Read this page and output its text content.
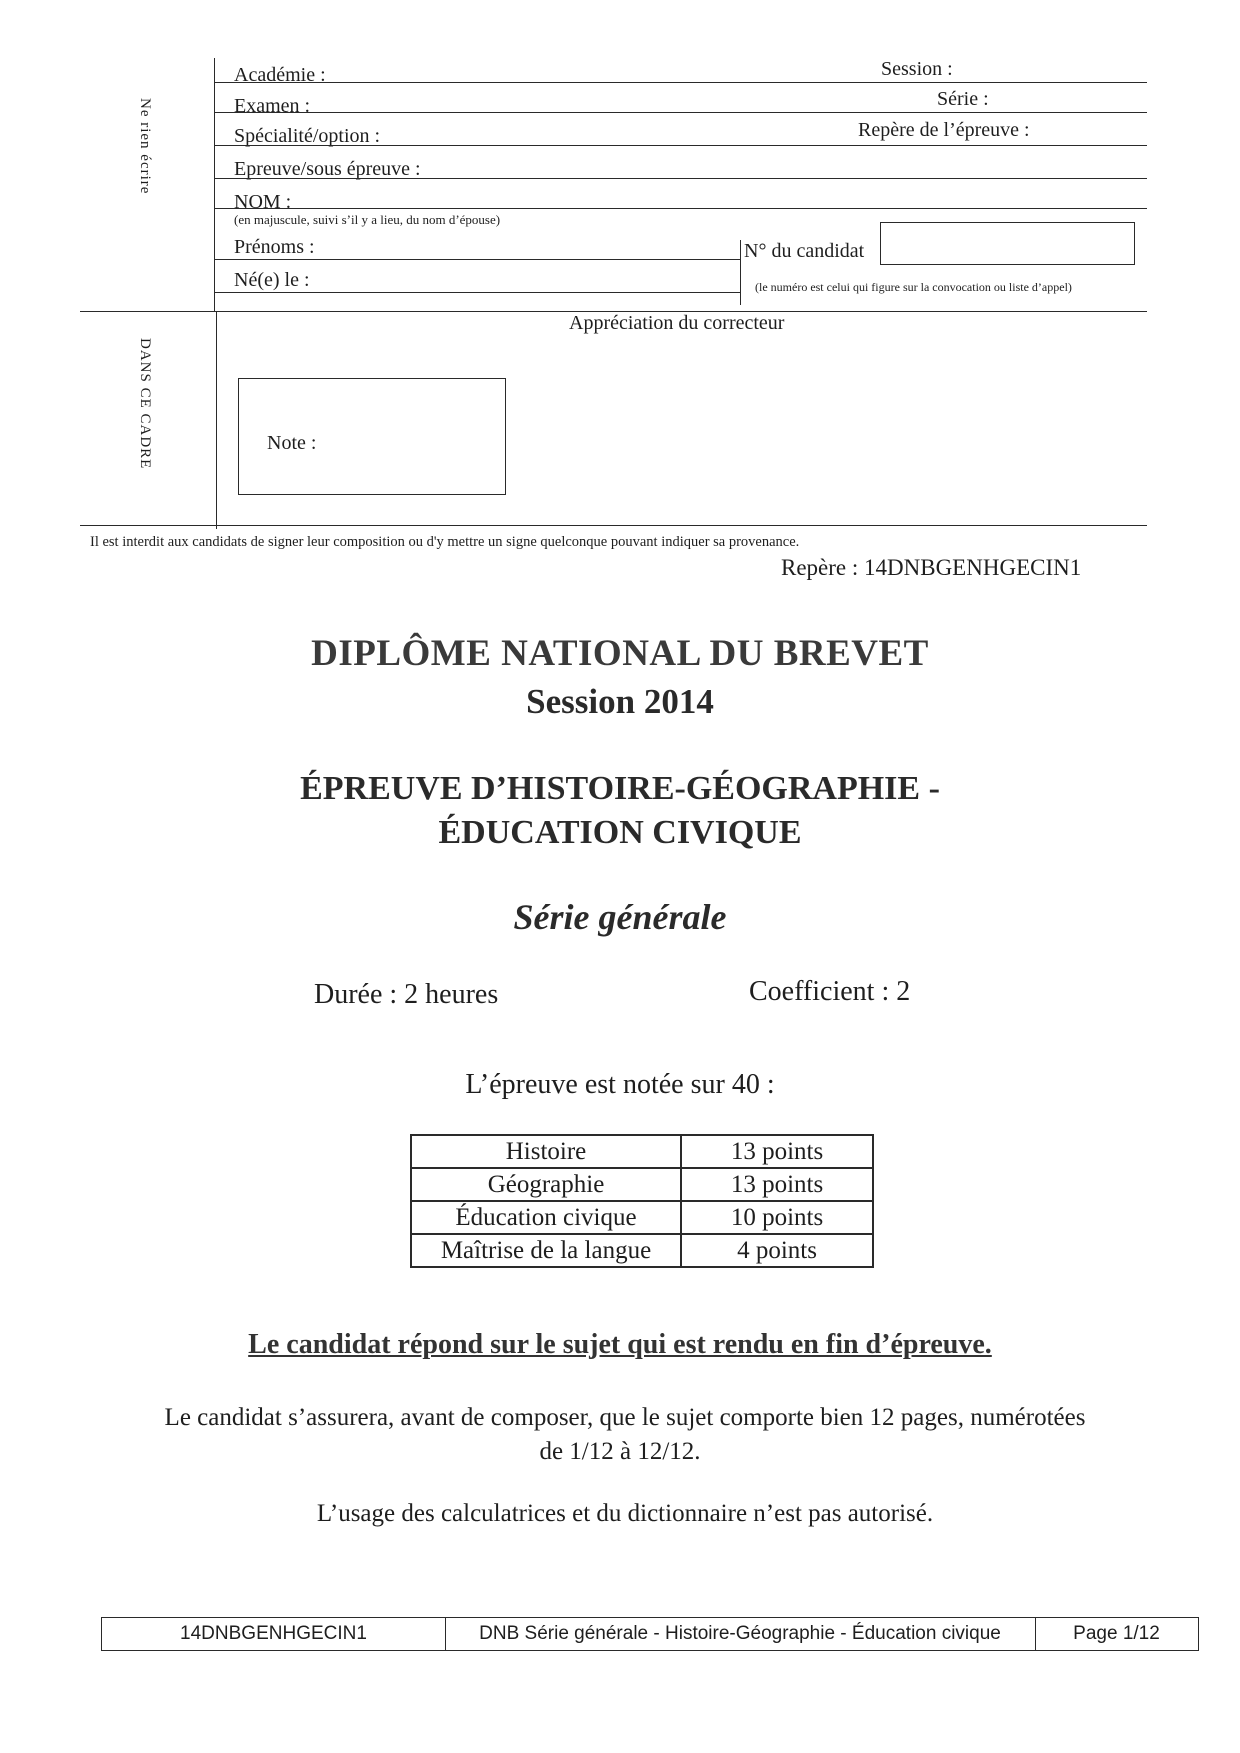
Ne rien écrire
DANS CE CADRE
Académie :	Session :
Examen :	Série :
Spécialité/option :	Repère de l’épreuve :
Epreuve/sous épreuve :
NOM :
(en majuscule, suivi s’il y a lieu, du nom d’épouse)
Prénoms :	N° du candidat
(le numéro est celui qui figure sur la convocation ou liste d’appel)
Né(e) le :
Appréciation du correcteur
Note :
Il est interdit aux candidats de signer leur composition ou d'y mettre un signe quelconque pouvant indiquer sa provenance.
Repère : 14DNBGENHGECIN1
DIPLÔME NATIONAL DU BREVET
Session 2014
ÉPREUVE D’HISTOIRE-GÉOGRAPHIE -
ÉDUCATION CIVIQUE
Série générale
Durée : 2 heures	Coefficient : 2
L’épreuve est notée sur 40 :
Histoire	13 points
Géographie	13 points
Éducation civique	10 points
Maîtrise de la langue	4 points
Le candidat répond sur le sujet qui est rendu en fin d’épreuve.
Le candidat s’assurera, avant de composer, que le sujet comporte bien 12 pages, numérotées
de 1/12 à 12/12.
L’usage des calculatrices et du dictionnaire n’est pas autorisé.
14DNBGENHGECIN1	DNB Série générale - Histoire-Géographie - Éducation civique	Page 1/12
